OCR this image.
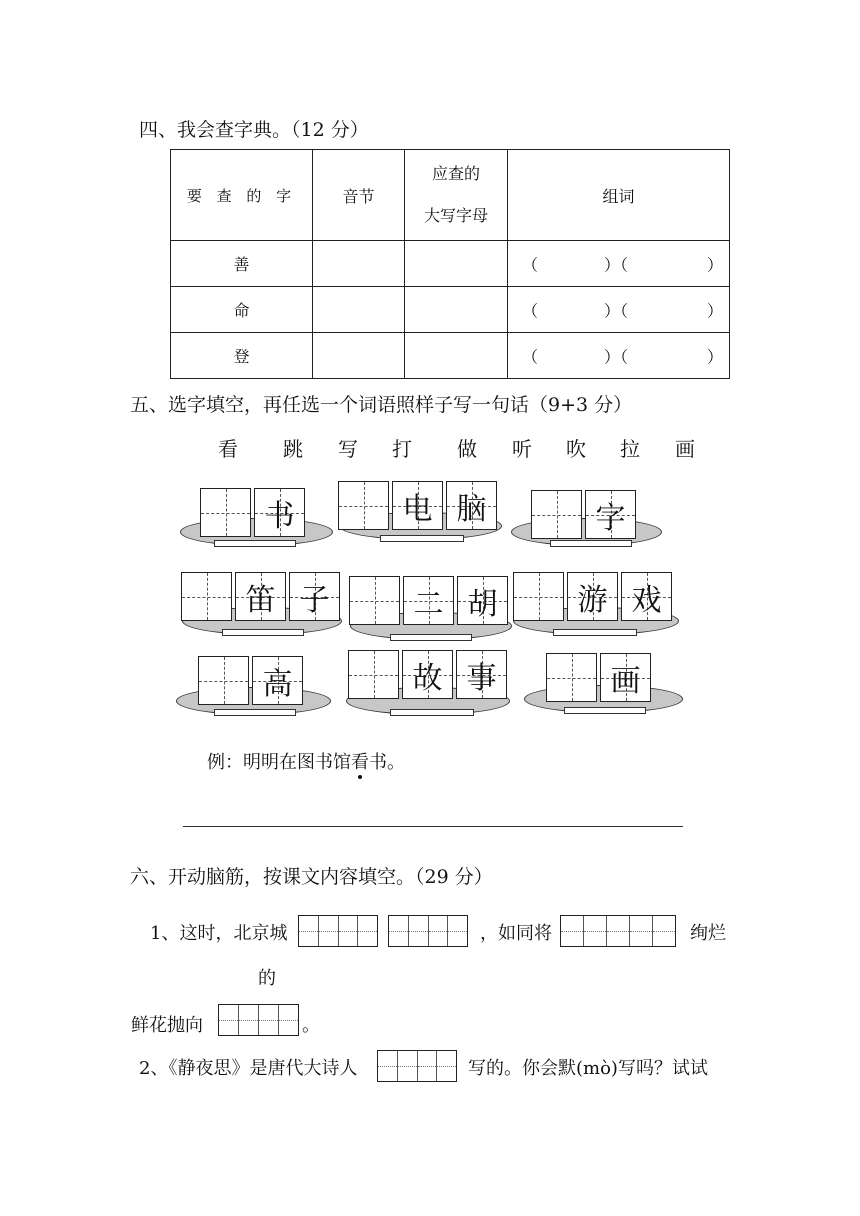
四、我会查字典。（12 分）
要 查 的 字	音节	应查的
大写字母	组词
善			（ ）（ ）

命			（ ）（ ）

登			（ ）（ ）
五、选字填空，再任选一个词语照样子写一句话（9+3 分）
看 跳 写 打 做 听 吹 拉 画
书	电 脑	字
笛 子	二 胡	游 戏
高	故 事	画
例：明明在图书馆看书。
六、开动脑筋，按课文内容填空。（29 分）
1、这时，北京城	，如同将	绚烂
的
鲜花抛向	。
2、《静夜思》是唐代大诗人	写的。你会默(mò)写吗？试试
